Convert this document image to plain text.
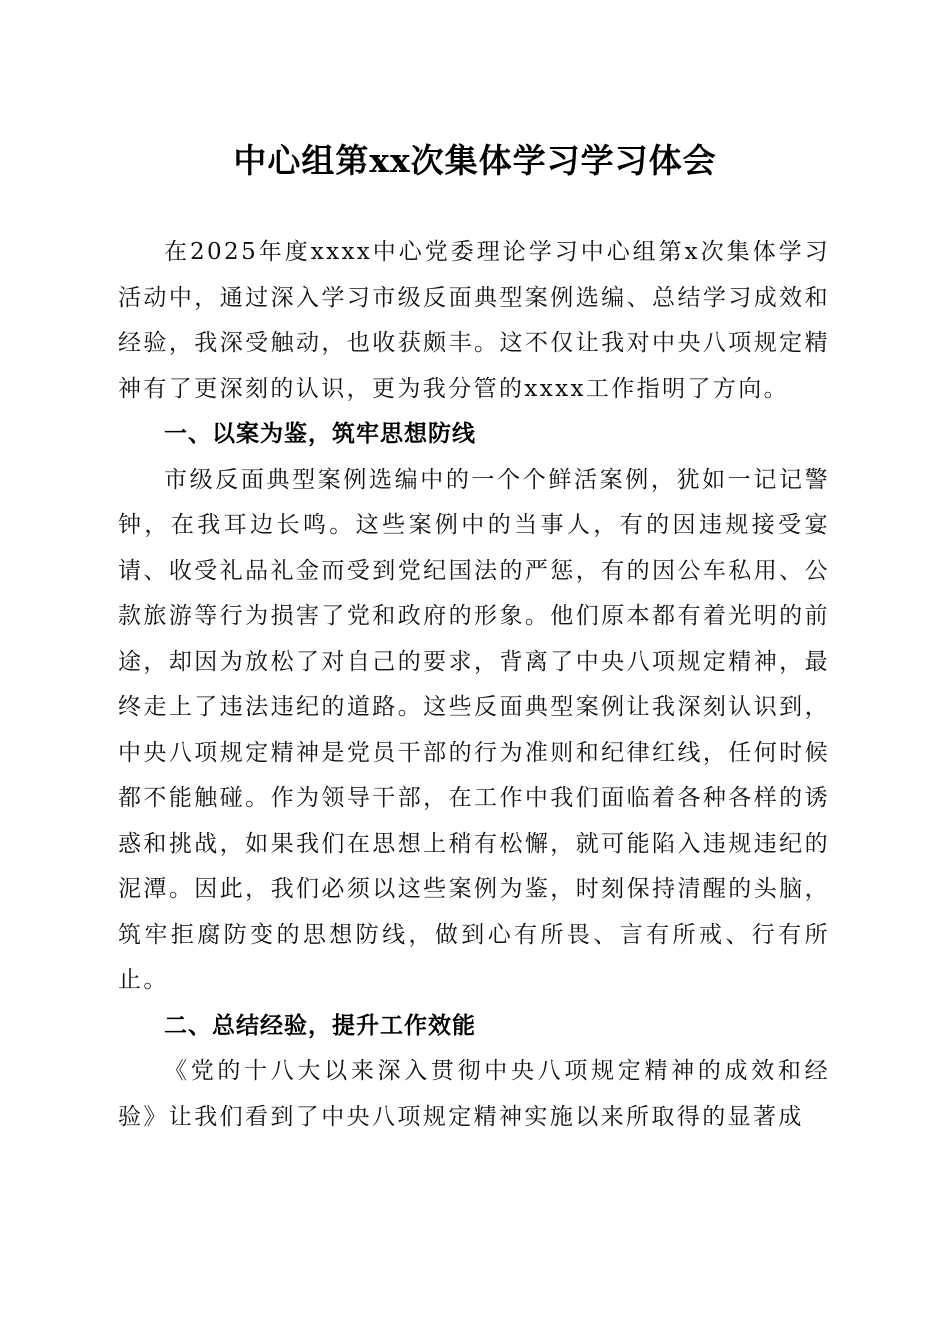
中心组第xx次集体学习学习体会

在2025年度xxxx中心党委理论学习中心组第x次集体学习活动中，通过深入学习市级反面典型案例选编、总结学习成效和经验，我深受触动，也收获颇丰。这不仅让我对中央八项规定精神有了更深刻的认识，更为我分管的xxxx工作指明了方向。

一、以案为鉴，筑牢思想防线

市级反面典型案例选编中的一个个鲜活案例，犹如一记记警钟，在我耳边长鸣。这些案例中的当事人，有的因违规接受宴请、收受礼品礼金而受到党纪国法的严惩，有的因公车私用、公款旅游等行为损害了党和政府的形象。他们原本都有着光明的前途，却因为放松了对自己的要求，背离了中央八项规定精神，最终走上了违法违纪的道路。这些反面典型案例让我深刻认识到，中央八项规定精神是党员干部的行为准则和纪律红线，任何时候都不能触碰。作为领导干部，在工作中我们面临着各种各样的诱惑和挑战，如果我们在思想上稍有松懈，就可能陷入违规违纪的泥潭。因此，我们必须以这些案例为鉴，时刻保持清醒的头脑，筑牢拒腐防变的思想防线，做到心有所畏、言有所戒、行有所止。

二、总结经验，提升工作效能

《党的十八大以来深入贯彻中央八项规定精神的成效和经验》让我们看到了中央八项规定精神实施以来所取得的显著成
